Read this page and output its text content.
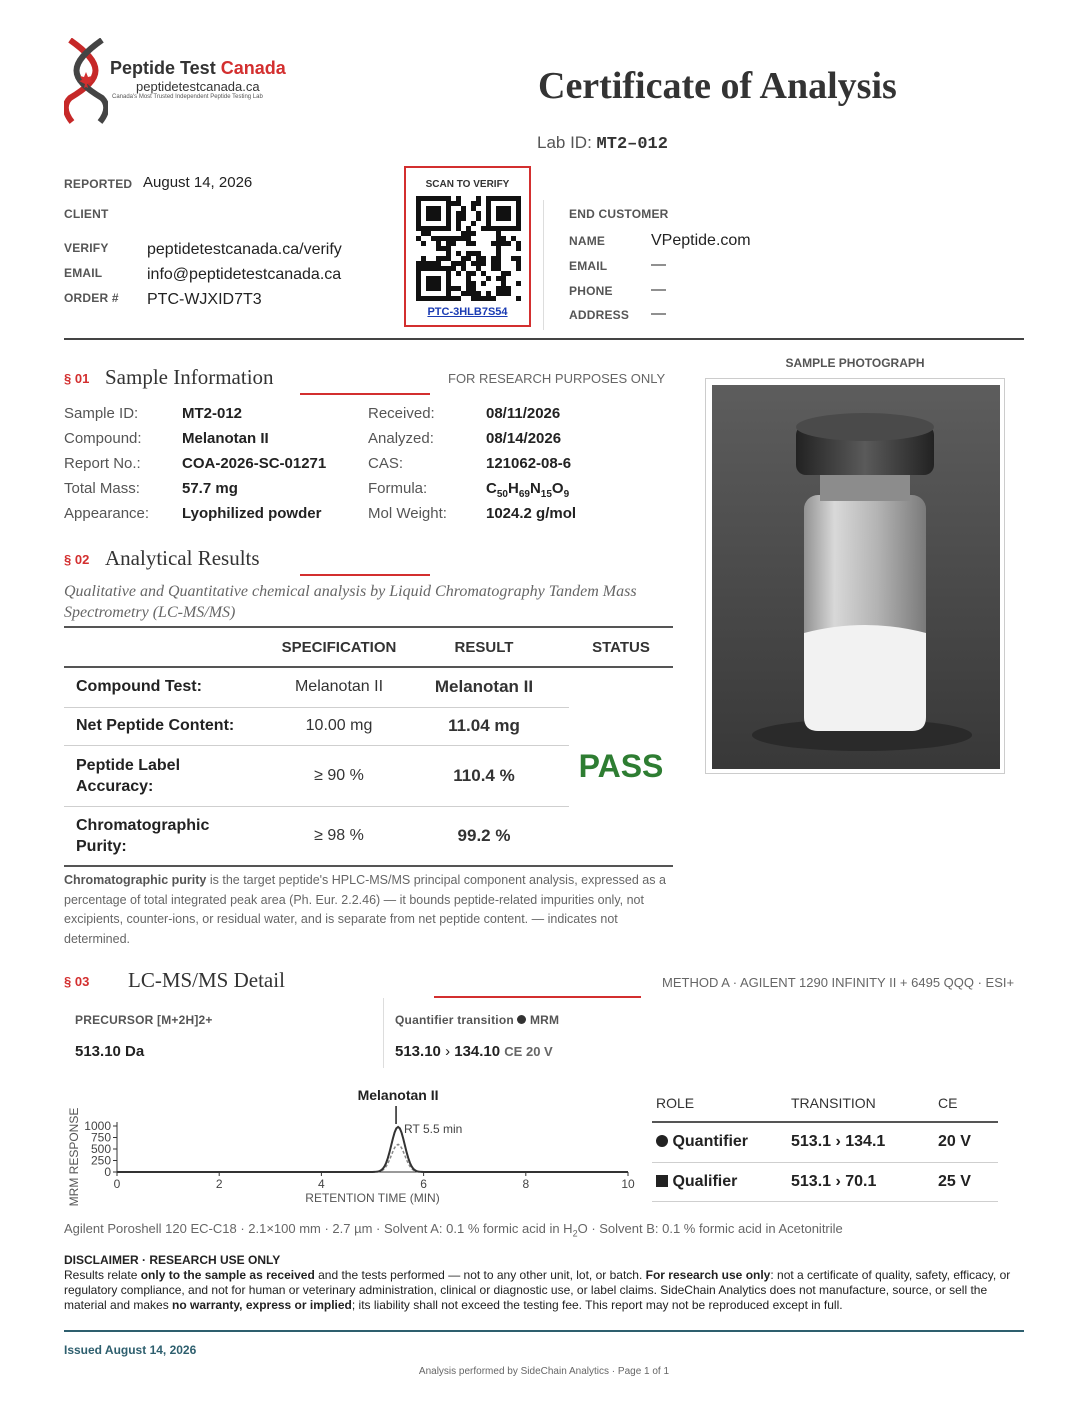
Peptide Test Canada
peptidetestcanada.ca
Canada's Most Trusted Independent Peptide Testing Lab	Certificate of Analysis
Lab ID: MT2–012
REPORTED August 14, 2026
CLIENT
VERIFY peptidetestcanada.ca/verify
EMAIL	info@peptidetestcanada.ca
ORDER # PTC-WJXID7T3
SCAN TO VERIFY
PTC-3HLB7S54
END CUSTOMER
NAME	VPeptide.com
EMAIL	—
PHONE	—
ADDRESS —
§ 01 Sample Information	FOR RESEARCH PURPOSES ONLY
Sample ID:	MT2-012
Compound:	Melanotan II
Report No.:	COA-2026-SC-01271
Total Mass:	57.7 mg
Appearance: Lyophilized powder
Received:	08/11/2026
Analyzed:	08/14/2026
CAS:	121062-08-6
Formula:	$C_{50}H_{69}N_{15}O_9$
Mol Weight:	1024.2 g/mol
SAMPLE PHOTOGRAPH
§ 02 Analytical Results
Qualitative and Quantitative chemical analysis by Liquid Chromatography Tandem Mass Spectrometry (LC-MS/MS)
	SPECIFICATION	RESULT	STATUS
Compound Test:	Melanotan II	Melanotan II	PASS
Net Peptide Content:	10.00 mg	11.04 mg	
Peptide Label Accuracy:	≥ 90 %	110.4 %	
Chromatographic Purity:	≥ 98 %	99.2 %	
Chromatographic purity is the target peptide's HPLC-MS/MS principal component analysis, expressed as a percentage of total integrated peak area (Ph. Eur. 2.2.46) — it bounds peptide-related impurities only, not excipients, counter-ions, or residual water, and is separate from net peptide content. — indicates not determined.
§ 03 LC-MS/MS Detail	METHOD A · AGILENT 1290 INFINITY II + 6495 QQQ · ESI+
PRECURSOR [M+2H]2+
513.10 Da
Quantifier transition MRM
513.10 › 134.10 CE 20 V
0	2	4	6	8	10
0
250
500
750
1000
Melanotan II
RT 5.5 min
RETENTION TIME (MIN)
MRM RESPONSE
ROLE	TRANSITION	CE
Quantifier	513.1 › 134.1	20 V
Qualifier	513.1 › 70.1	25 V
Agilent Poroshell 120 EC-C18 · 2.1×100 mm · 2.7 µm · Solvent A: 0.1 % formic acid in $H_2O$ · Solvent B: 0.1 % formic acid in Acetonitrile
DISCLAIMER · RESEARCH USE ONLY
Results relate only to the sample as received and the tests performed — not to any other unit, lot, or batch. For research use only: not a certificate of quality, safety, efficacy, or regulatory compliance, and not for human or veterinary administration, clinical or diagnostic use, or label claims. SideChain Analytics does not manufacture, source, or sell the material and makes no warranty, express or implied; its liability shall not exceed the testing fee. This report may not be reproduced except in full.
Issued August 14, 2026
Analysis performed by SideChain Analytics · Page 1 of 1
